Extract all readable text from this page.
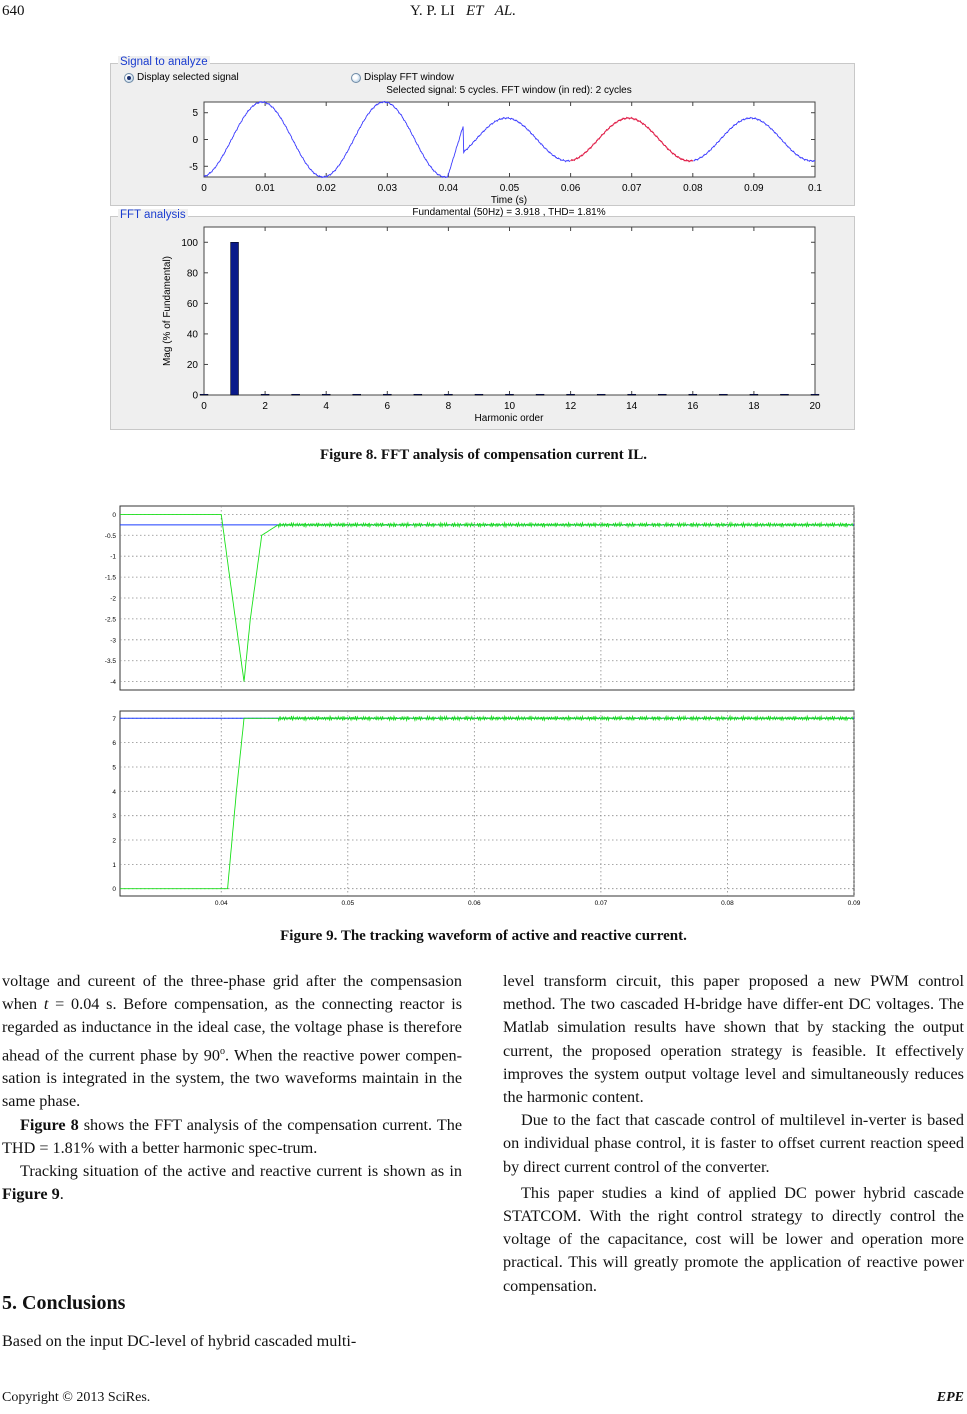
640	Y. P. LI ET AL.
Signal to analyze
Display selected signal	Display FFT window
Selected signal: 5 cycles. FFT window (in red): 2 cycles
5
0
-5
0	0.01	0.02	0.03	0.04	0.05	0.06	0.07	0.08	0.09	0.1
Time (s)
FFT analysis	Fundamental (50Hz) = 3.918 , THD= 1.81%
0
20
40
60
80
100
0	2	4	6	8	10	12	14	16	18	20
Mag (% of Fundamental)
Harmonic order
Figure 8. FFT analysis of compensation current IL.
0
-0.5
-1
-1.5
-2
-2.5
-3
-3.5
-4
7
6
5
4
3
2
1
0
0.04	0.05	0.06	0.07	0.08	0.09
Figure 9. The tracking waveform of active and reactive current.

voltage and cureent of the three-phase grid after the compensasion when t = 0.04 s. Before compensation, as the connecting reactor is regarded as inductance in the ideal case, the voltage phase is therefore ahead of the current phase by 90$^o$. When the reactive power compen-sation is integrated in the system, the two waveforms maintain in the same phase.

Figure 8 shows the FFT analysis of the compensation current. The THD = 1.81% with a better harmonic spec-trum.

Tracking situation of the active and reactive current is shown as in Figure 9.

5. Conclusions

Based on the input DC-level of hybrid cascaded multi-

level transform circuit, this paper proposed a new PWM control method. The two cascaded H-bridge have differ-ent DC voltages. The Matlab simulation results have shown that by stacking the output current, the proposed operation strategy is feasible. It effectively improves the system output voltage level and simultaneously reduces the harmonic content.

Due to the fact that cascade control of multilevel in-verter is based on individual phase control, it is faster to offset current reaction speed by direct current control of the converter.

This paper studies a kind of applied DC power hybrid cascade STATCOM. With the right control strategy to directly control the voltage of the capacitance, cost will be lower and operation more practical. This will greatly promote the application of reactive power compensation.

Copyright © 2013 SciRes.	EPE
